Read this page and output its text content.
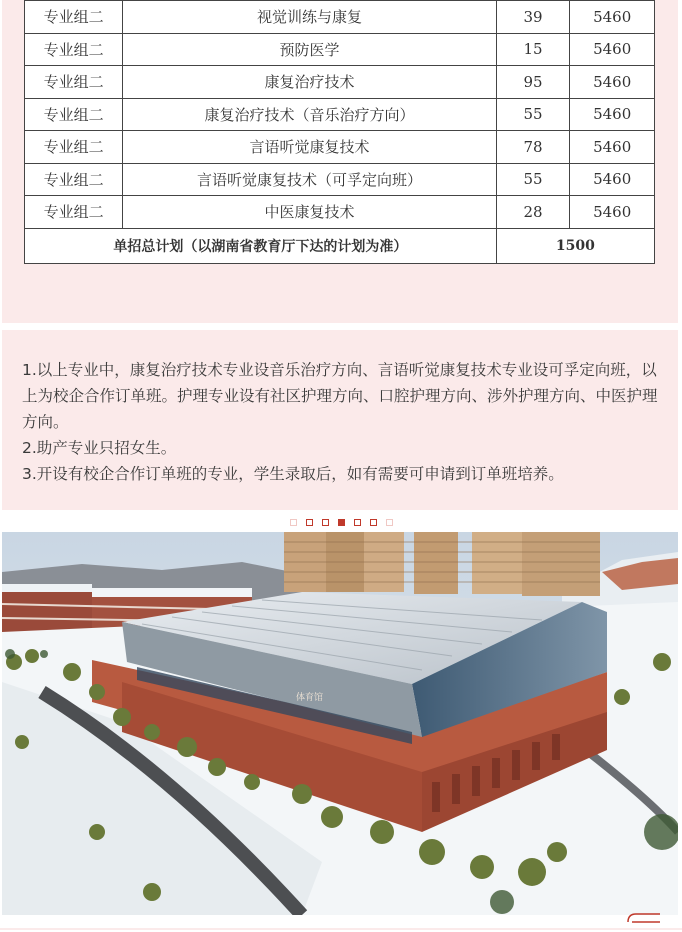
专业组二	视觉训练与康复	39	5460
专业组二	预防医学	15	5460
专业组二	康复治疗技术	95	5460
专业组二	康复治疗技术（音乐治疗方向）	55	5460
专业组二	言语听觉康复技术	78	5460
专业组二	言语听觉康复技术（可孚定向班）	55	5460
专业组二	中医康复技术	28	5460
单招总计划（以湖南省教育厅下达的计划为准）		1500	

1.以上专业中，康复治疗技术专业设音乐治疗方向、言语听觉康复技术专业设可孚定向班，以上为校企合作订单班。护理专业设有社区护理方向、口腔护理方向、涉外护理方向、中医护理方向。

2.助产专业只招女生。

3.开设有校企合作订单班的专业，学生录取后，如有需要可申请到订单班培养。

体育馆
